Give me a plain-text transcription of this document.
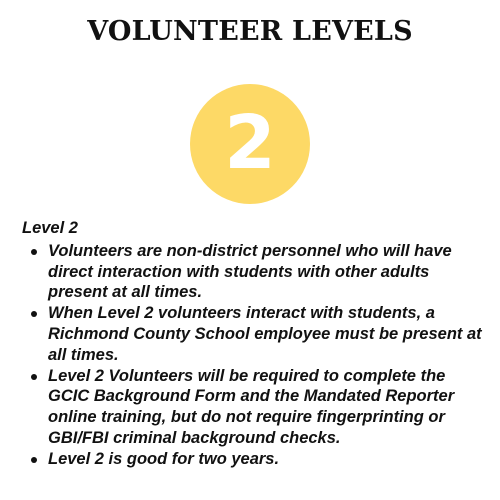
VOLUNTEER LEVELS
2
Level 2
Volunteers are non-district personnel who will have direct interaction with students with other adults present at all times.
When Level 2 volunteers interact with students, a Richmond County School employee must be present at all times.
Level 2 Volunteers will be required to complete the GCIC Background Form and the Mandated Reporter online training, but do not require fingerprinting or GBI/FBI criminal background checks.
Level 2 is good for two years.
